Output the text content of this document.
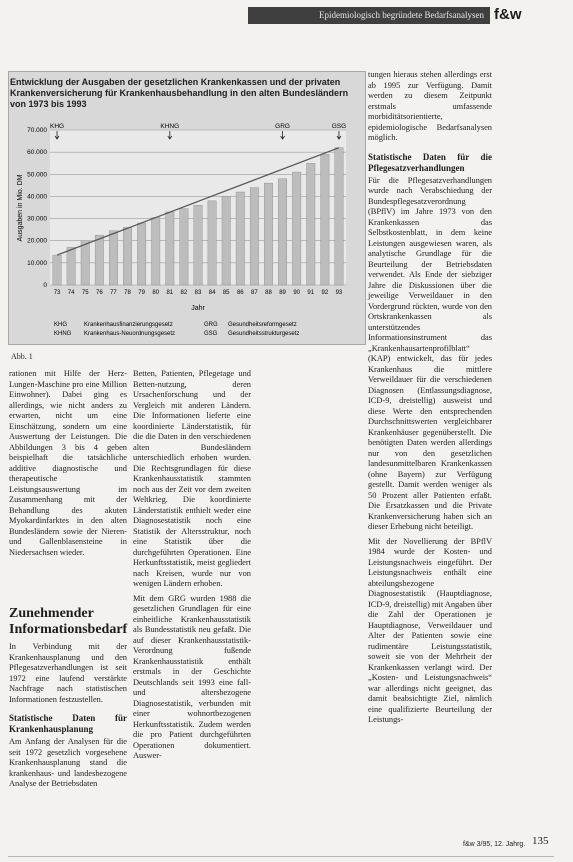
Epidemiologisch begründete Bedarfsanalysen f&w
Entwicklung der Ausgaben der gesetzlichen Krankenkassen und der privaten Krankenversicherung für Krankenhausbehandlung in den alten Bundesländern von 1973 bis 1993
0
10.000
20.000
30.000
40.000
50.000
60.000
70.000
73 74 75 76 77 78 79 80 81 82 83 84 85 86 87 88 89 90 91 92 93
KHG	KHNG	GRG	GSG
Ausgaben in Mio. DM
Jahr
KHG	Krankenhausfinanzierungsgesetz	GRG Gesundheitsreformgesetz
KHNG Krankenhaus-Neuordnungsgesetz	GSG Gesundheitsstrukturgesetz
Abb. 1

rationen mit Hilfe der Herz-Lungen-Maschine pro eine Million Einwohner). Dabei ging es allerdings, wie nicht anders zu erwarten, nicht um eine Einschätzung, sondern um eine Auswertung der Leistungen. Die Abbildungen 3 bis 4 geben beispielhaft die tatsächliche additive diagnostische und therapeutische Leistungsauswertung im Zusammenhang mit der Behandlung des akuten Myokardinfarktes in den alten Bundesländern sowie der Nieren- und Gallenblasensteine in Niedersachsen wieder.

Zunehmender Informationsbedarf

In Verbindung mit der Krankenhausplanung und den Pflegesatzverhandlungen ist seit 1972 eine laufend verstärkte Nachfrage nach statistischen Informationen festzustellen.

Statistische Daten für Krankenhausplanung

Am Anfang der Analysen für die seit 1972 gesetzlich vorgesehene Krankenhausplanung stand die krankenhaus- und landesbezogene Analyse der Betriebsdaten

Betten, Patienten, Pflegetage und Betten-nutzung, deren Ursachenforschung und der Vergleich mit anderen Ländern. Die Informationen lieferte eine koordinierte Länderstatistik, für die die Daten in den verschiedenen alten Bundesländern unterschiedlich erhoben wurden. Die Rechtsgrundlagen für diese Krankenhausstatistik stammten noch aus der Zeit vor dem zweiten Weltkrieg. Die koordinierte Länderstatistik enthielt weder eine Diagnosestatistik noch eine Statistik der Altersstruktur, noch eine Statistik über die durchgeführten Operationen. Eine Herkunftsstatistik, meist gegliedert nach Kreisen, wurde nur von wenigen Ländern erhoben.

Mit dem GRG wurden 1988 die gesetzlichen Grundlagen für eine einheitliche Krankenhausstatistik als Bundesstatistik neu gefaßt. Die auf dieser Krankenhausstatistik-Verordnung fußende Krankenhausstatistik enthält erstmals in der Geschichte Deutschlands seit 1993 eine fall- und altersbezogene Diagnosestatistik, verbunden mit einer wohnortbezogenen Herkunftsstatistik. Zudem werden die pro Patient durchgeführten Operationen dokumentiert. Auswer-

tungen hieraus stehen allerdings erst ab 1995 zur Verfügung. Damit werden zu diesem Zeitpunkt erstmals umfassende morbiditätsorientierte, epidemiologische Bedarfsanalysen möglich.

Statistische Daten für die Pflegesatzverhandlungen

Für die Pflegesatzverhandlungen wurde nach Verabschiedung der Bundespflegesatzverordnung (BPflV) im Jahre 1973 von den Krankenkassen das Selbstkostenblatt, in dem keine Leistungen ausgewiesen waren, als analytische Grundlage für die Beurteilung der Betriebsdaten verwendet. Als Ende der siebziger Jahre die Diskussionen über die jeweilige Verweildauer in den Vordergrund rückten, wurde von den Ortskrankenkassen als unterstützendes Informationsinstrument das „Krankenhausartenprofilblatt“ (KAP) entwickelt, das für jedes Krankenhaus die mittlere Verweildauer für die verschiedenen Diagnosen (Entlassungsdiagnose, ICD-9, dreistellig) ausweist und diese Werte den entsprechenden Durchschnittswerten vergleichbarer Krankenhäuser gegenüberstellt. Die benötigten Daten werden allerdings nur von den gesetzlichen landesunmittelbaren Krankenkassen (ohne Bayern) zur Verfügung gestellt. Damit werden weniger als 50 Prozent aller Patienten erfaßt. Die Ersatzkassen und die Private Krankenversicherung haben sich an dieser Erhebung nicht beteiligt.

Mit der Novellierung der BPflV 1984 wurde der Kosten- und Leistungsnachweis eingeführt. Der Leistungsnachweis enthält eine abteilungsbezogene Diagnosestatistik (Hauptdiagnose, ICD-9, dreistellig) mit Angaben über die Zahl der Operationen je Hauptdiagnose, Verweildauer und Alter der Patienten sowie eine rudimentäre Leistungsstatistik, soweit sie von der Mehrheit der Krankenkassen verlangt wird. Der „Kosten- und Leistungsnachweis“ war allerdings nicht geeignet, das damit beabsichtigte Ziel, nämlich eine qualifizierte Beurteilung der Leistungs-

f&w 3/95, 12. Jahrg. 135
